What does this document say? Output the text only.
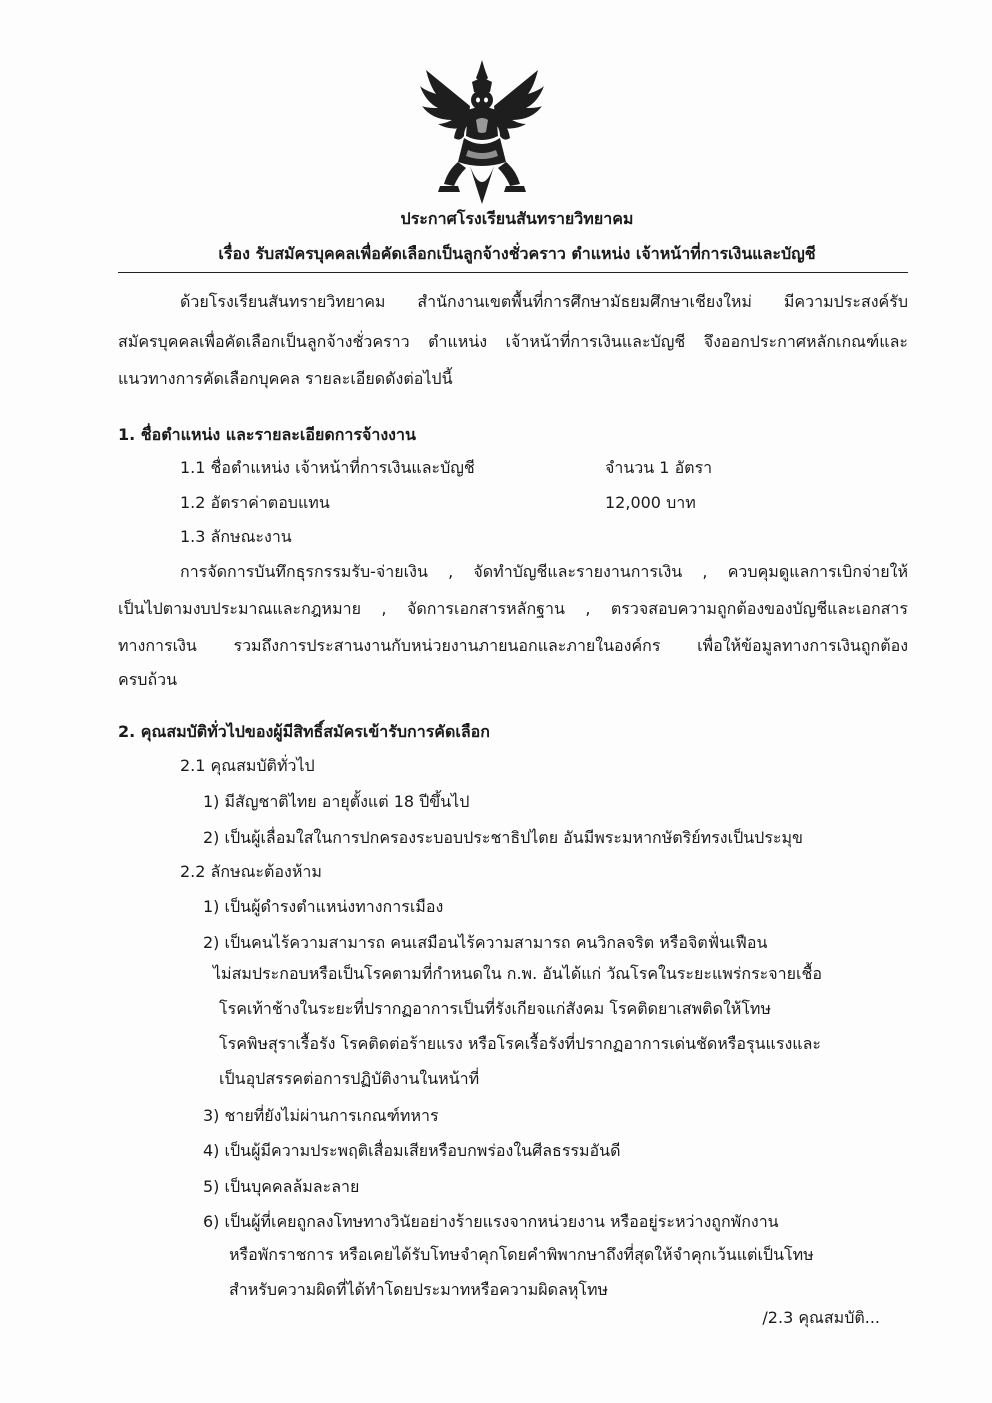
ประกาศโรงเรียนสันทรายวิทยาคม
เรื่อง รับสมัครบุคคลเพื่อคัดเลือกเป็นลูกจ้างชั่วคราว ตำแหน่ง เจ้าหน้าที่การเงินและบัญชี
ด้วยโรงเรียนสันทรายวิทยาคม สำนักงานเขตพื้นที่การศึกษามัธยมศึกษาเชียงใหม่ มีความประสงค์รับ
สมัครบุคคลเพื่อคัดเลือกเป็นลูกจ้างชั่วคราว ตำแหน่ง เจ้าหน้าที่การเงินและบัญชี จึงออกประกาศหลักเกณฑ์และ
แนวทางการคัดเลือกบุคคล รายละเอียดดังต่อไปนี้
1. ชื่อตำแหน่ง และรายละเอียดการจ้างงาน
1.1 ชื่อตำแหน่ง เจ้าหน้าที่การเงินและบัญชี	จำนวน 1 อัตรา
1.2 อัตราค่าตอบแทน	12,000 บาท
1.3 ลักษณะงาน
การจัดการบันทึกธุรกรรมรับ-จ่ายเงิน , จัดทำบัญชีและรายงานการเงิน , ควบคุมดูแลการเบิกจ่ายให้
เป็นไปตามงบประมาณและกฎหมาย , จัดการเอกสารหลักฐาน , ตรวจสอบความถูกต้องของบัญชีและเอกสาร
ทางการเงิน รวมถึงการประสานงานกับหน่วยงานภายนอกและภายในองค์กร เพื่อให้ข้อมูลทางการเงินถูกต้อง
ครบถ้วน
2. คุณสมบัติทั่วไปของผู้มีสิทธิ์สมัครเข้ารับการคัดเลือก
2.1 คุณสมบัติทั่วไป
1) มีสัญชาติไทย อายุตั้งแต่ 18 ปีขึ้นไป
2) เป็นผู้เลื่อมใสในการปกครองระบอบประชาธิปไตย อันมีพระมหากษัตริย์ทรงเป็นประมุข
2.2 ลักษณะต้องห้าม
1) เป็นผู้ดำรงตำแหน่งทางการเมือง
2) เป็นคนไร้ความสามารถ คนเสมือนไร้ความสามารถ คนวิกลจริต หรือจิตฟั่นเฟือน
ไม่สมประกอบหรือเป็นโรคตามที่กำหนดใน ก.พ. อันได้แก่ วัณโรคในระยะแพร่กระจายเชื้อ
โรคเท้าช้างในระยะที่ปรากฏอาการเป็นที่รังเกียจแก่สังคม โรคติดยาเสพติดให้โทษ
โรคพิษสุราเรื้อรัง โรคติดต่อร้ายแรง หรือโรคเรื้อรังที่ปรากฏอาการเด่นชัดหรือรุนแรงและ
เป็นอุปสรรคต่อการปฏิบัติงานในหน้าที่
3) ชายที่ยังไม่ผ่านการเกณฑ์ทหาร
4) เป็นผู้มีความประพฤติเสื่อมเสียหรือบกพร่องในศีลธรรมอันดี
5) เป็นบุคคลล้มละลาย
6) เป็นผู้ที่เคยถูกลงโทษทางวินัยอย่างร้ายแรงจากหน่วยงาน หรืออยู่ระหว่างถูกพักงาน
หรือพักราชการ หรือเคยได้รับโทษจำคุกโดยคำพิพากษาถึงที่สุดให้จำคุกเว้นแต่เป็นโทษ
สำหรับความผิดที่ได้ทำโดยประมาทหรือความผิดลหุโทษ
/2.3 คุณสมบัติ...
